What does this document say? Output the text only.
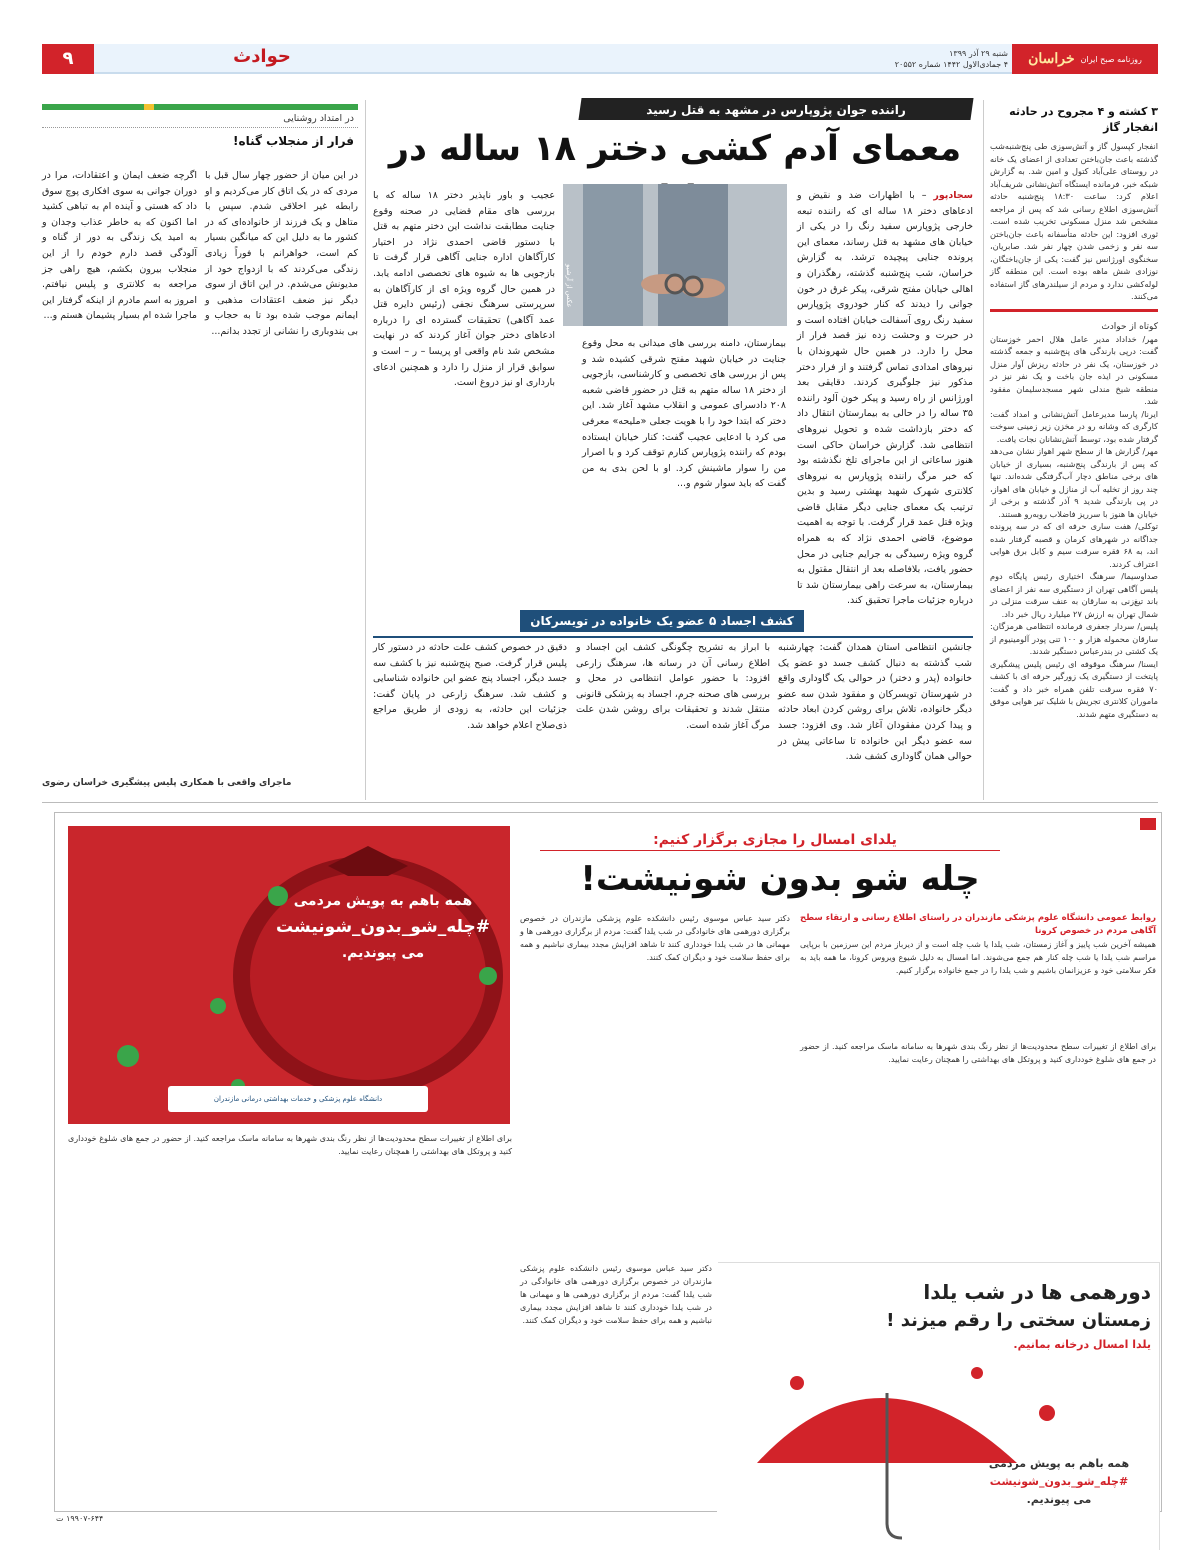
روزنامه صبح ایران
خراسان
شنبه ۲۹ آذر ۱۳۹۹
۴ جمادی‌الاول ۱۴۴۲ شماره ۲۰۵۵۲
حوادث
۹
۳ کشته و ۴ مجروح در حادثه انفجار گاز
انفجار کپسول گاز و آتش‌سوزی طی پنج‌شنبه‌شب گذشته باعث جان‌باختن تعدادی از اعضای یک خانه در روستای علی‌آباد کتول و امین شد. به گزارش شبکه خبر، فرمانده ایستگاه آتش‌نشانی شریف‌آباد اعلام کرد: ساعت ۱۸:۳۰ پنج‌شنبه حادثه آتش‌سوزی اطلاع رسانی شد که پس از مراجعه مشخص شد منزل مسکونی تخریب شده است. ثوری افزود: این حادثه متأسفانه باعث جان‌باختن سه نفر و زخمی شدن چهار نفر شد. صابریان، سخنگوی اورژانس نیز گفت: یکی از جان‌باختگان، نوزادی شش ماهه بوده است. این منطقه گاز لوله‌کشی ندارد و مردم از سیلندرهای گاز استفاده می‌کنند.
کوتاه از حوادث

مهر/ خداداد مدیر عامل هلال احمر خوزستان گفت: درپی بارندگی های پنج‌شنبه و جمعه گذشته در خوزستان، یک نفر در حادثه ریزش آوار منزل مسکونی در ایذه جان باخت و یک نفر نیز در منطقه شیخ مندلی شهر مسجدسلیمان مفقود شد.

ایرنا/ پارسا مدیرعامل آتش‌نشانی و امداد گفت: کارگری که وشانه رو در مخزن زیر زمینی سوخت گرفتار شده بود، توسط آتش‌نشانان نجات یافت.

مهر/ گزارش ها از سطح شهر اهواز نشان می‌دهد که پس از بارندگی پنج‌شنبه، بسیاری از خیابان های برخی مناطق دچار آب‌گرفتگی شده‌اند. تنها چند روز از تخلیه آب از منازل و خیابان های اهواز، در پی بارندگی شدید ۹ آذر گذشته و برخی از خیابان ها هنوز با سرریز فاضلاب روبه‌رو هستند.

توکلی/ هفت ساری حرفه ای که در سه پرونده جداگانه در شهرهای کرمان و قصبه گرفتار شده اند، به ۶۸ فقره سرقت سیم و کابل برق هوایی اعتراف کردند.

صداوسیما/ سرهنگ اختیاری رئیس پایگاه دوم پلیس آگاهی تهران از دستگیری سه نفر از اعضای باند تیغ‌زنی به سارقان به عنف سرقت منزلی در شمال تهران به ارزش ۲۷ میلیارد ریال خبر داد.

پلیس/ سردار جعفری فرمانده انتظامی هرمزگان: سارقان محموله هزار و ۱۰۰ تنی پودر آلومینیوم از یک کشتی در بندرعباس دستگیر شدند.

ایسنا/ سرهنگ موقوفه ای رئیس پلیس پیشگیری پایتخت از دستگیری یک زورگیر حرفه ای با کشف ۷۰ فقره سرقت تلفن همراه خبر داد و گفت: ماموران کلانتری تجریش با شلیک تیر هوایی موفق به دستگیری متهم شدند.

راننده جوان پژوپارس در مشهد به قتل رسید
معمای آدم کشی دختر ۱۸ ساله در
عکس از آرشیو
سجادپور – با اظهارات ضد و نقیض و ادعاهای دختر ۱۸ ساله ای که راننده تبعه خارجی پژوپارس سفید رنگ را در یکی از خیابان های مشهد به قتل رساند، معمای این پرونده جنایی پیچیده ترشد. به گزارش خراسان، شب پنج‌شنبه گذشته، رهگذران و اهالی خیابان مفتح شرقی، پیکر غرق در خون جوانی را دیدند که کنار خودروی پژوپارس سفید رنگ روی آسفالت خیابان افتاده است و در حیرت و وحشت زده نیز قصد فرار از محل را دارد. در همین حال شهروندان با نیروهای امدادی تماس گرفتند و از فرار دختر مذکور نیز جلوگیری کردند. دقایقی بعد اورژانس از راه رسید و پیکر خون آلود راننده ۳۵ ساله را در حالی به بیمارستان انتقال داد که دختر بازداشت شده و تحویل نیروهای انتظامی شد. گزارش خراسان حاکی است هنوز ساعاتی از این ماجرای تلخ نگذشته بود که خبر مرگ راننده پژوپارس به نیروهای کلانتری شهرک شهید بهشتی رسید و بدین ترتیب یک معمای جنایی دیگر مقابل قاضی ویژه قتل عمد قرار گرفت. با توجه به اهمیت موضوع، قاضی احمدی نژاد که به همراه گروه ویژه رسیدگی به جرایم جنایی در محل حضور یافت، بلافاصله بعد از انتقال مقتول به بیمارستان، به سرعت راهی بیمارستان شد تا درباره جزئیات ماجرا تحقیق کند.
بیمارستان، دامنه بررسی های میدانی به محل وقوع جنایت در خیابان شهید مفتح شرقی کشیده شد و پس از بررسی های تخصصی و کارشناسی، بازجویی از دختر ۱۸ ساله متهم به قتل در حضور قاضی شعبه ۲۰۸ دادسرای عمومی و انقلاب مشهد آغاز شد. این دختر که ابتدا خود را با هویت جعلی «ملیحه» معرفی می کرد با ادعایی عجیب گفت: کنار خیابان ایستاده بودم که راننده پژوپارس کنارم توقف کرد و با اصرار من را سوار ماشینش کرد. او با لحن بدی به من گفت که باید سوار شوم و...
عجیب و باور ناپذیر دختر ۱۸ ساله که با بررسی های مقام قضایی در صحنه وقوع جنایت مطابقت نداشت این دختر متهم به قتل با دستور قاضی احمدی نژاد در اختیار کارآگاهان اداره جنایی آگاهی قرار گرفت تا بازجویی ها به شیوه های تخصصی ادامه یابد. در همین حال گروه ویژه ای از کارآگاهان به سرپرستی سرهنگ نجفی (رئیس دایره قتل عمد آگاهی) تحقیقات گسترده ای را درباره ادعاهای دختر جوان آغاز کردند که در نهایت مشخص شد نام واقعی او پریسا – ر – است و سوابق قرار از منزل را دارد و همچنین ادعای بارداری او نیز دروغ است.
کشف اجساد ۵ عضو یک خانواده در تویسرکان
جانشین انتظامی استان همدان گفت: چهارشنبه شب گذشته به دنبال کشف جسد دو عضو یک خانواده (پدر و دختر) در حوالی یک گاوداری واقع در شهرستان تویسرکان و مفقود شدن سه عضو دیگر خانواده، تلاش برای روشن کردن ابعاد حادثه و پیدا کردن مفقودان آغاز شد. وی افزود: جسد سه عضو دیگر این خانواده تا ساعاتی پیش در حوالی همان گاوداری کشف شد.
با ابراز به تشریح چگونگی کشف این اجساد و اطلاع رسانی آن در رسانه ها، سرهنگ زارعی افزود: با حضور عوامل انتظامی در محل و بررسی های صحنه جرم، اجساد به پزشکی قانونی منتقل شدند و تحقیقات برای روشن شدن علت مرگ آغاز شده است.
دقیق در خصوص کشف علت حادثه در دستور کار پلیس قرار گرفت. صبح پنج‌شنبه نیز با کشف سه جسد دیگر، اجساد پنج عضو این خانواده شناسایی و کشف شد. سرهنگ زارعی در پایان گفت: جزئیات این حادثه، به زودی از طریق مراجع ذی‌صلاح اعلام خواهد شد.
در امتداد روشنایی
فرار از منجلاب گناه!
در این میان از حضور چهار سال قبل با مردی که در یک اتاق کار می‌کردیم و او رابطه غیر اخلاقی شدم. سپس با متاهل و یک فرزند از خانواده‌ای که در کشور ما به دلیل این که میانگین بسیار کم است، خواهرانم با فوراً زیادی زندگی می‌کردند که با ازدواج خود از مدیونش می‌شدم. در این اتاق از سوی دیگر نیز ضعف اعتقادات مذهبی و ایمانم موجب شده بود تا به حجاب و بی بندوباری را نشانی از تجدد بدانم...
اگرچه ضعف ایمان و اعتقادات، مرا در دوران جوانی به سوی افکاری پوچ سوق داد که هستی و آینده ام به تباهی کشید اما اکنون که به خاطر عذاب وجدان و به امید یک زندگی به دور از گناه و آلودگی قصد دارم خودم را از این منجلاب بیرون بکشم، هیچ راهی جز مراجعه به کلانتری و پلیس نیافتم. امروز به اسم مادرم از اینکه گرفتار این ماجرا شده ام بسیار پشیمان هستم و...
ماجرای واقعی با همکاری پلیس پیشگیری خراسان رضوی
یلدای امسال را مجازی برگزار کنیم:
چله شو بدون شونیشت!
روابط عمومی دانشگاه علوم پزشکی مازندران در راستای اطلاع رسانی و ارتقاء سطح آگاهی مردم در خصوص کرونا
همیشه آخرین شب پاییز و آغاز زمستان، شب یلدا یا شب چله است و از دیرباز مردم این سرزمین با برپایی مراسم شب یلدا یا شب چله کنار هم جمع می‌شوند. اما امسال به دلیل شیوع ویروس کرونا، ما همه باید به فکر سلامتی خود و عزیزانمان باشیم و شب یلدا را در جمع خانواده برگزار کنیم.
دکتر سید عباس موسوی رئیس دانشکده علوم پزشکی مازندران در خصوص برگزاری دورهمی های خانوادگی در شب یلدا گفت: مردم از برگزاری دورهمی ها و مهمانی ها در شب یلدا خودداری کنند تا شاهد افزایش مجدد بیماری نباشیم و همه برای حفظ سلامت خود و دیگران کمک کنند.
برای اطلاع از تغییرات سطح محدودیت‌ها از نظر رنگ بندی شهرها به سامانه ماسک مراجعه کنید. از حضور در جمع های شلوغ خودداری کنید و پروتکل های بهداشتی را همچنان رعایت نمایید.
دکتر سید عباس موسوی رئیس دانشکده علوم پزشکی مازندران در خصوص برگزاری دورهمی های خانوادگی در شب یلدا گفت: مردم از برگزاری دورهمی ها و مهمانی ها در شب یلدا خودداری کنند تا شاهد افزایش مجدد بیماری نباشیم و همه برای حفظ سلامت خود و دیگران کمک کنند.
برای اطلاع از تغییرات سطح محدودیت‌ها از نظر رنگ بندی شهرها به سامانه ماسک مراجعه کنید. از حضور در جمع های شلوغ خودداری کنید و پروتکل های بهداشتی را همچنان رعایت نمایید.
همه باهم به پویش مردمی
#چله_شو_بدون_شونیشت
می پیوندیم.
دانشگاه علوم پزشکی و خدمات بهداشتی درمانی مازندران
دورهمی ها در شب یلدا
زمستان سختی را رقم میزند !
یلدا امسال درخانه بمانیم.
همه باهم به پویش مردمی
#چله_شو_بدون_شونیشت
می پیوندیم.
۱۹۹۰۷-۶۴۴ ت
